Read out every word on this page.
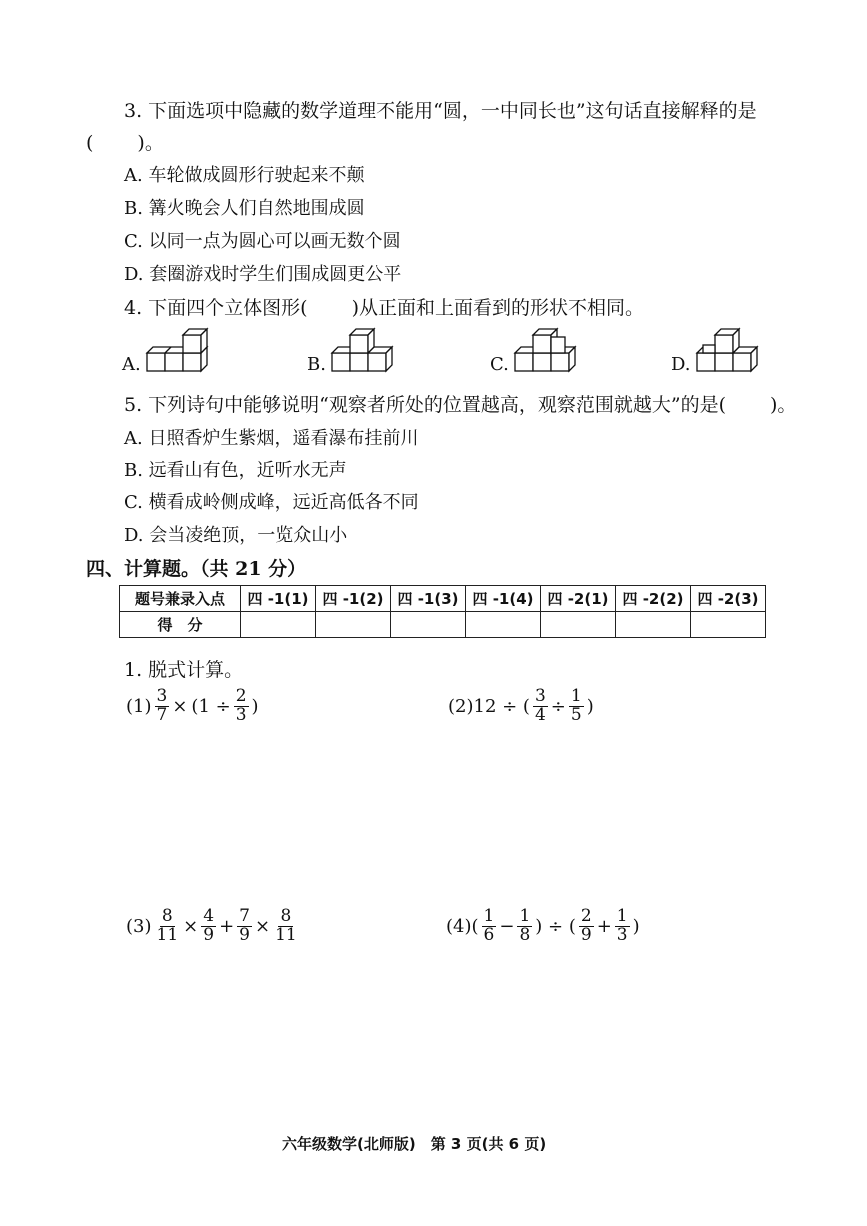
3. 下面选项中隐藏的数学道理不能用“圆，一中同长也”这句话直接解释的是
( )。
A. 车轮做成圆形行驶起来不颠
B. 篝火晚会人们自然地围成圆
C. 以同一点为圆心可以画无数个圆
D. 套圈游戏时学生们围成圆更公平
4. 下面四个立体图形( )从正面和上面看到的形状不相同。
A.	B.	C.	D.
5. 下列诗句中能够说明“观察者所处的位置越高，观察范围就越大”的是( )。
A. 日照香炉生紫烟，遥看瀑布挂前川
B. 远看山有色，近听水无声
C. 横看成岭侧成峰，远近高低各不同
D. 会当凌绝顶，一览众山小
四、计算题。（共 21 分）
题号兼录入点	四 -1(1)	四 -1(2)	四 -1(3)	四 -1(4)	四 -2(1)	四 -2(2)	四 -2(3)
得　分							
1. 脱式计算。
$(1) \frac{3}{7} \times (1 \div \frac{2}{3}$ )	(2)12 ÷ ( $\frac{3}{4} \div \frac{1}{5}$ )
$(3) \frac{8}{11} \times \frac{4}{9} + \frac{7}{9} \times \frac{8}{11}$	$(4)( \frac{1}{6} - \frac{1}{8}$ ) ÷ ( $\frac{2}{9} + \frac{1}{3}$ )
六年级数学(北师版)　第 3 页(共 6 页)
